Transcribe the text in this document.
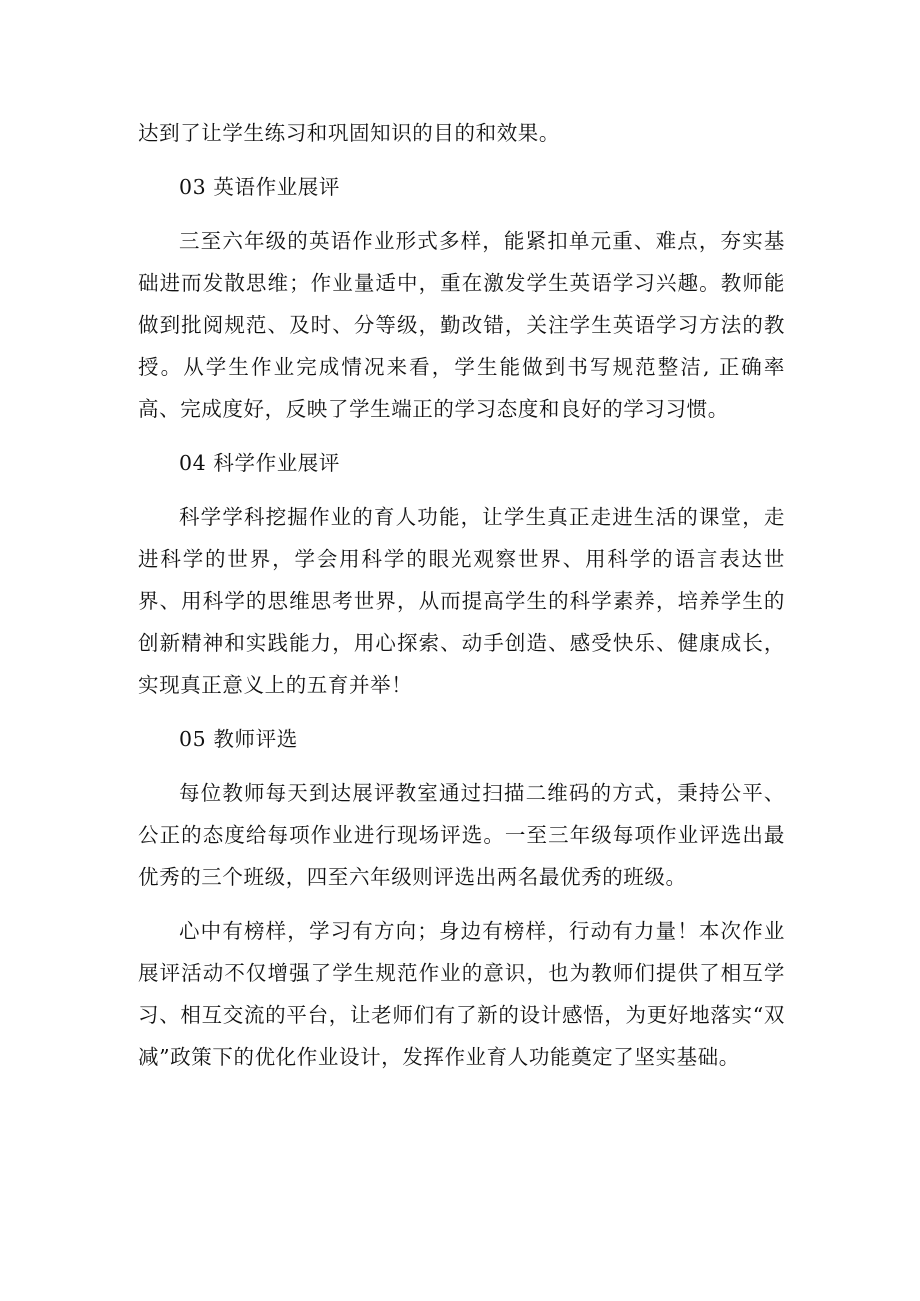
达到了让学生练习和巩固知识的目的和效果。

03 英语作业展评

三至六年级的英语作业形式多样，能紧扣单元重、难点，夯实基础进而发散思维；作业量适中，重在激发学生英语学习兴趣。教师能做到批阅规范、及时、分等级，勤改错，关注学生英语学习方法的教授。从学生作业完成情况来看，学生能做到书写规范整洁, 正确率高、完成度好，反映了学生端正的学习态度和良好的学习习惯。

04 科学作业展评

科学学科挖掘作业的育人功能，让学生真正走进生活的课堂，走进科学的世界，学会用科学的眼光观察世界、用科学的语言表达世界、用科学的思维思考世界，从而提高学生的科学素养，培养学生的创新精神和实践能力，用心探索、动手创造、感受快乐、健康成长，实现真正意义上的五育并举！

05 教师评选

每位教师每天到达展评教室通过扫描二维码的方式，秉持公平、公正的态度给每项作业进行现场评选。一至三年级每项作业评选出最优秀的三个班级，四至六年级则评选出两名最优秀的班级。

心中有榜样，学习有方向；身边有榜样，行动有力量！本次作业展评活动不仅增强了学生规范作业的意识，也为教师们提供了相互学习、相互交流的平台，让老师们有了新的设计感悟，为更好地落实“双减”政策下的优化作业设计，发挥作业育人功能奠定了坚实基础。
